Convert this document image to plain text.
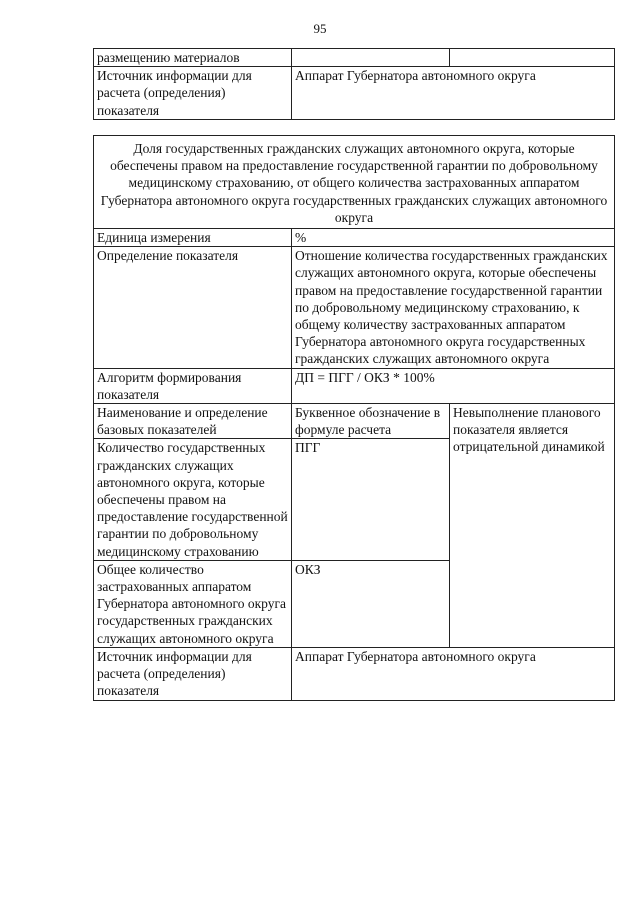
95
размещению материалов		
Источник информации для расчета (определения) показателя	Аппарат Губернатора автономного округа	
Доля государственных гражданских служащих автономного округа, которые обеспечены правом на предоставление государственной гарантии по добровольному медицинскому страхованию, от общего количества застрахованных аппаратом Губернатора автономного округа государственных гражданских служащих автономного округа		
Единица измерения	%	
Определение показателя	Отношение количества государственных гражданских служащих автономного округа, которые обеспечены правом на предоставление государственной гарантии по добровольному медицинскому страхованию, к общему количеству застрахованных аппаратом Губернатора автономного округа государственных гражданских служащих автономного округа	
Алгоритм формирования показателя	ДП = ПГГ / ОКЗ * 100%	
Наименование и определение базовых показателей	Буквенное обозначение в формуле расчета	Невыполнение планового показателя является отрицательной динамикой
Количество государственных гражданских служащих автономного округа, которые обеспечены правом на предоставление государственной гарантии по добровольному медицинскому страхованию	ПГГ	
Общее количество застрахованных аппаратом Губернатора автономного округа государственных гражданских служащих автономного округа	ОКЗ	
Источник информации для расчета (определения) показателя	Аппарат Губернатора автономного округа	
